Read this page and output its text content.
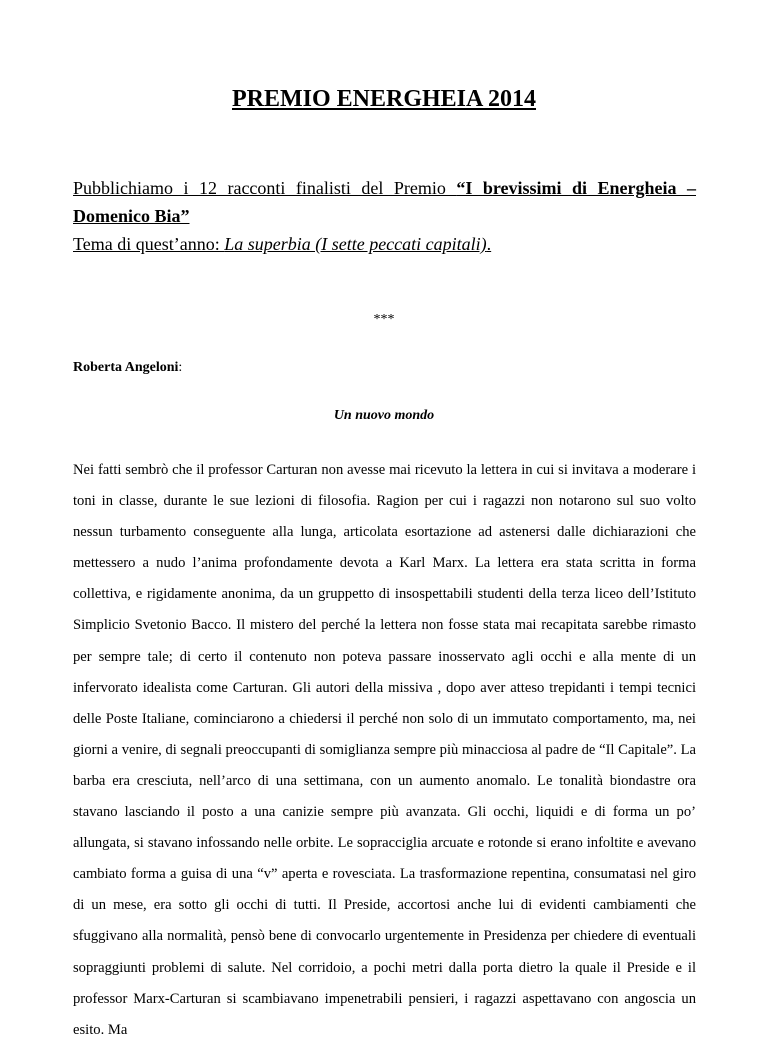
PREMIO ENERGHEIA 2014
Pubblichiamo i 12 racconti finalisti del Premio “I brevissimi di Energheia – Domenico Bia”
Tema di quest’anno: La superbia (I sette peccati capitali).
***
Roberta Angeloni:
Un nuovo mondo
Nei fatti sembrò che il professor Carturan non avesse mai ricevuto la lettera in cui si invitava a moderare i toni in classe, durante le sue lezioni di filosofia. Ragion per cui i ragazzi non notarono sul suo volto nessun turbamento conseguente alla lunga, articolata esortazione ad astenersi dalle dichiarazioni che mettessero a nudo l’anima profondamente devota a Karl Marx. La lettera era stata scritta in forma collettiva, e rigidamente anonima, da un gruppetto di insospettabili studenti della terza liceo dell’Istituto Simplicio Svetonio Bacco. Il mistero del perché la lettera non fosse stata mai recapitata sarebbe rimasto per sempre tale; di certo il contenuto non poteva passare inosservato agli occhi e alla mente di un infervorato idealista come Carturan. Gli autori della missiva , dopo aver atteso trepidanti i tempi tecnici delle Poste Italiane, cominciarono a chiedersi il perché non solo di un immutato comportamento, ma, nei giorni a venire, di segnali preoccupanti di somiglianza sempre più minacciosa al padre de “Il Capitale”. La barba era cresciuta, nell’arco di una settimana, con un aumento anomalo. Le tonalità biondastre ora stavano lasciando il posto a una canizie sempre più avanzata. Gli occhi, liquidi e di forma un po’ allungata, si stavano infossando nelle orbite. Le sopracciglia arcuate e rotonde si erano infoltite e avevano cambiato forma a guisa di una “v” aperta e rovesciata. La trasformazione repentina, consumatasi nel giro di un mese, era sotto gli occhi di tutti. Il Preside, accortosi anche lui di evidenti cambiamenti che sfuggivano alla normalità, pensò bene di convocarlo urgentemente in Presidenza per chiedere di eventuali sopraggiunti problemi di salute. Nel corridoio, a pochi metri dalla porta dietro la quale il Preside e il professor Marx-Carturan si scambiavano impenetrabili pensieri, i ragazzi aspettavano con angoscia un esito. Ma
